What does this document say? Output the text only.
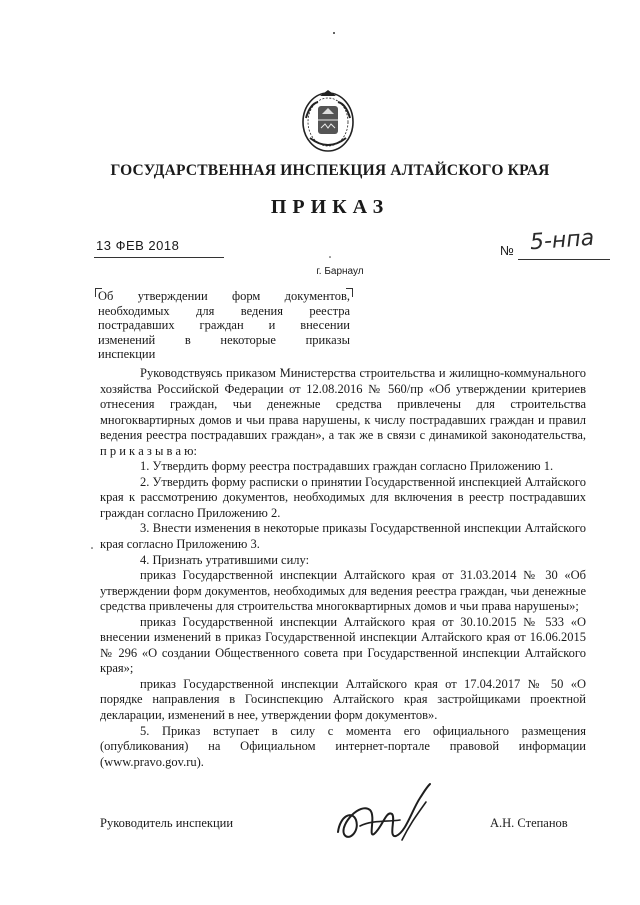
ГОСУДАРСТВЕННАЯ ИНСПЕКЦИЯ АЛТАЙСКОГО КРАЯ
ПРИКАЗ
13 ФЕВ 2018	№ 5-нпа
г. Барнаул
Об утверждении форм документов,
необходимых для ведения реестра
пострадавших граждан и внесении
изменений в некоторые приказы
инспекции

Руководствуясь приказом Министерства строительства и жилищно-коммунального хозяйства Российской Федерации от 12.08.2016 № 560/пр «Об утверждении критериев отнесения граждан, чьи денежные средства привлечены для строительства многоквартирных домов и чьи права нарушены, к числу пострадавших граждан и правил ведения реестра пострадавших граждан», а так же в связи с динамикой законодательства, п р и к а з ы в а ю:

1. Утвердить форму реестра пострадавших граждан согласно Приложению 1.

2. Утвердить форму расписки о принятии Государственной инспекцией Алтайского края к рассмотрению документов, необходимых для включения в реестр пострадавших граждан согласно Приложению 2.

3. Внести изменения в некоторые приказы Государственной инспекции Алтайского края согласно Приложению 3.

4. Признать утратившими силу:

приказ Государственной инспекции Алтайского края от 31.03.2014 № 30 «Об утверждении форм документов, необходимых для ведения реестра граждан, чьи денежные средства привлечены для строительства многоквартирных домов и чьи права нарушены»;

приказ Государственной инспекции Алтайского края от 30.10.2015 № 533 «О внесении изменений в приказ Государственной инспекции Алтайского края от 16.06.2015 № 296 «О создании Общественного совета при Государственной инспекции Алтайского края»;

приказ Государственной инспекции Алтайского края от 17.04.2017 № 50 «О порядке направления в Госинспекцию Алтайского края застройщиками проектной декларации, изменений в нее, утверждении форм документов».

5. Приказ вступает в силу с момента его официального размещения (опубликования) на Официальном интернет-портале правовой информации (www.pravo.gov.ru).

Руководитель инспекции	А.Н. Степанов
